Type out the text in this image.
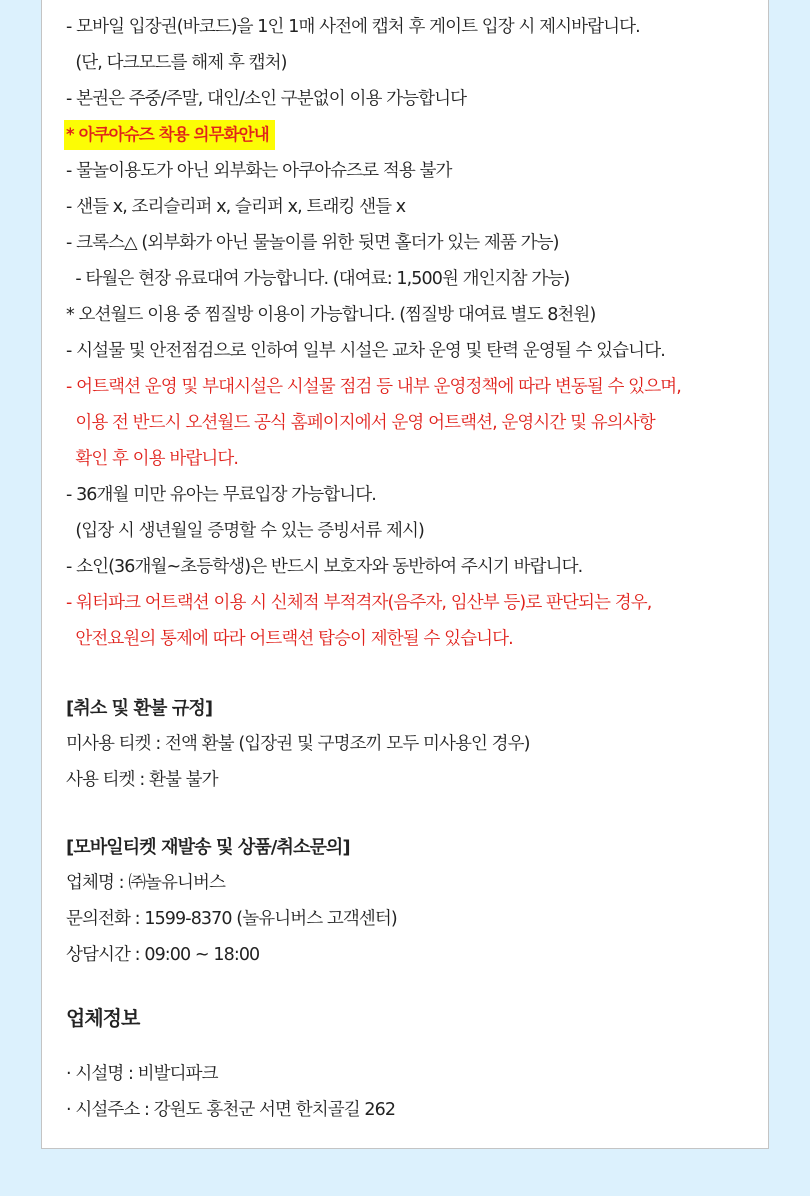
- 모바일 입장권(바코드)을 1인 1매 사전에 캡처 후 게이트 입장 시 제시바랍니다.
(단, 다크모드를 해제 후 캡처)
- 본권은 주중/주말, 대인/소인 구분없이 이용 가능합니다
* 아쿠아슈즈 착용 의무화안내
- 물놀이용도가 아닌 외부화는 아쿠아슈즈로 적용 불가
- 샌들 x, 조리슬리퍼 x, 슬리퍼 x, 트래킹 샌들 x
- 크록스△ (외부화가 아닌 물놀이를 위한 뒷면 홀더가 있는 제품 가능)
- 타월은 현장 유료대여 가능합니다. (대여료: 1,500원 개인지참 가능)
* 오션월드 이용 중 찜질방 이용이 가능합니다. (찜질방 대여료 별도 8천원)
- 시설물 및 안전점검으로 인하여 일부 시설은 교차 운영 및 탄력 운영될 수 있습니다.
- 어트랙션 운영 및 부대시설은 시설물 점검 등 내부 운영정책에 따라 변동될 수 있으며,
이용 전 반드시 오션월드 공식 홈페이지에서 운영 어트랙션, 운영시간 및 유의사항
확인 후 이용 바랍니다.
- 36개월 미만 유아는 무료입장 가능합니다.
(입장 시 생년월일 증명할 수 있는 증빙서류 제시)
- 소인(36개월~초등학생)은 반드시 보호자와 동반하여 주시기 바랍니다.
- 워터파크 어트랙션 이용 시 신체적 부적격자(음주자, 임산부 등)로 판단되는 경우,
안전요원의 통제에 따라 어트랙션 탑승이 제한될 수 있습니다.
[취소 및 환불 규정]
미사용 티켓 : 전액 환불 (입장권 및 구명조끼 모두 미사용인 경우)
사용 티켓 : 환불 불가
[모바일티켓 재발송 및 상품/취소문의]
업체명 : ㈜놀유니버스
문의전화 : 1599-8370 (놀유니버스 고객센터)
상담시간 : 09:00 ~ 18:00
업체정보
· 시설명 : 비발디파크
· 시설주소 : 강원도 홍천군 서면 한치골길 262
